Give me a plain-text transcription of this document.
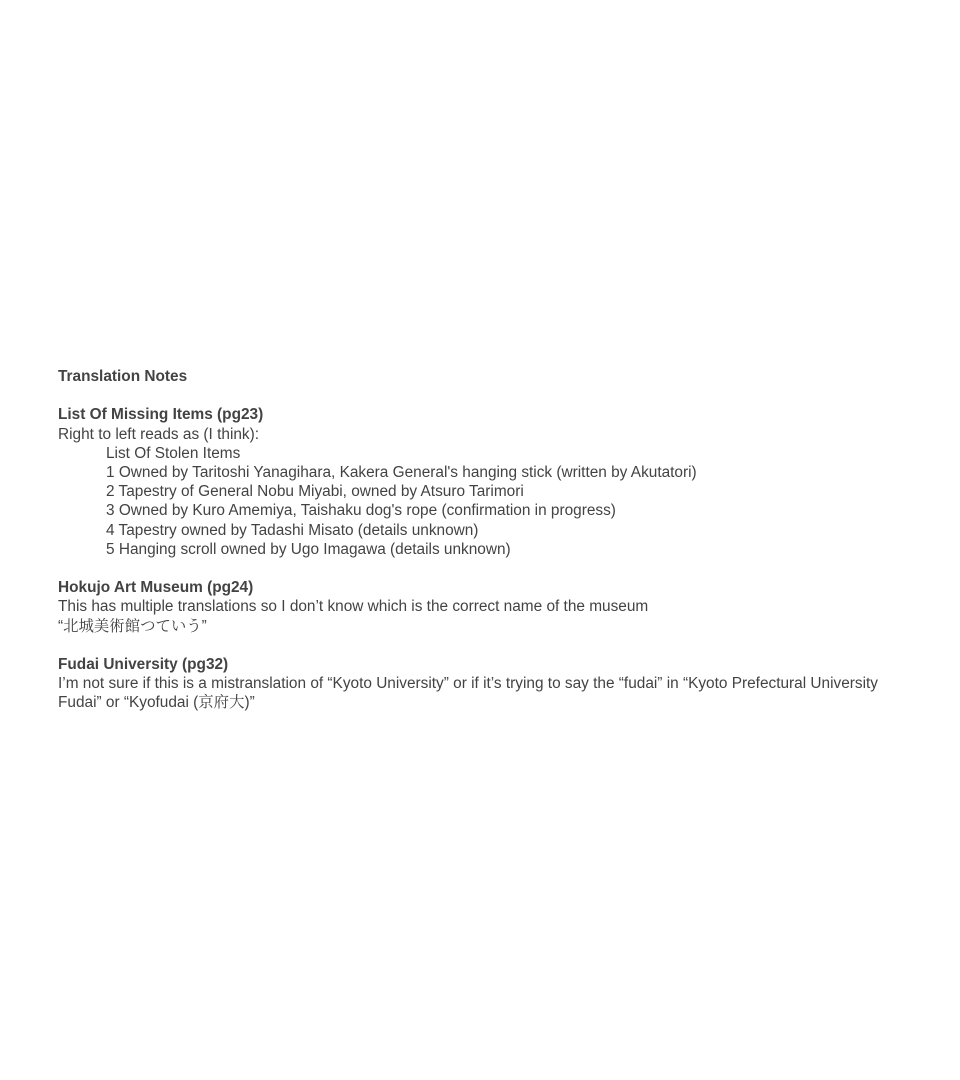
Translation Notes
List Of Missing Items (pg23)
Right to left reads as (I think):
List Of Stolen Items
1 Owned by Taritoshi Yanagihara, Kakera General's hanging stick (written by Akutatori)
2 Tapestry of General Nobu Miyabi, owned by Atsuro Tarimori
3 Owned by Kuro Amemiya, Taishaku dog's rope (confirmation in progress)
4 Tapestry owned by Tadashi Misato (details unknown)
5 Hanging scroll owned by Ugo Imagawa (details unknown)
Hokujo Art Museum (pg24)
This has multiple translations so I don’t know which is the correct name of the museum
“北城美術館つていう”
Fudai University (pg32)
I’m not sure if this is a mistranslation of “Kyoto University” or if it’s trying to say the “fudai” in “Kyoto Prefectural University Fudai” or “Kyofudai (京府大)”
